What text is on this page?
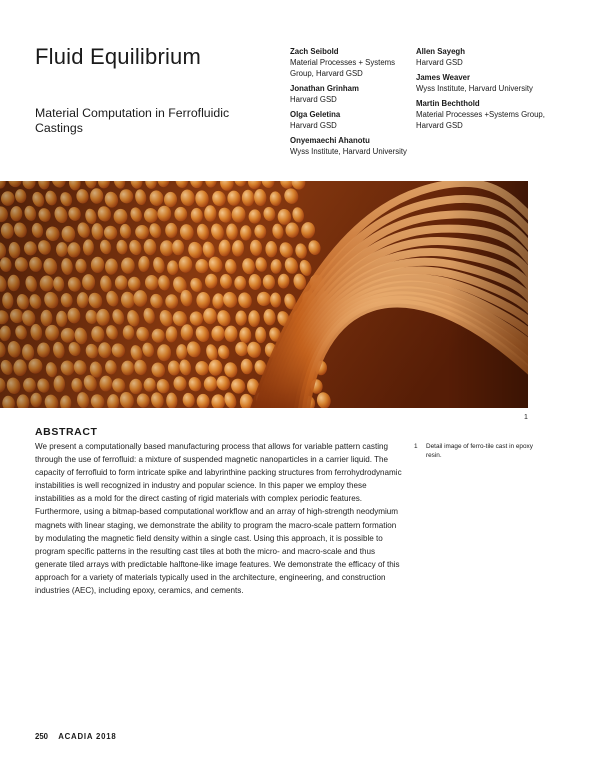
Fluid Equilibrium
Material Computation in Ferrofluidic Castings
Zach Seibold
Material Processes + Systems Group, Harvard GSD
Jonathan Grinham
Harvard GSD
Olga Geletina
Harvard GSD
Onyemaechi Ahanotu
Wyss Institute, Harvard University
Allen Sayegh
Harvard GSD
James Weaver
Wyss Institute, Harvard University
Martin Bechthold
Material Processes +Systems Group, Harvard GSD
1
ABSTRACT

We present a computationally based manufacturing process that allows for variable pattern casting through the use of ferrofluid: a mixture of suspended magnetic nanoparticles in a carrier liquid. The capacity of ferrofluid to form intricate spike and labyrinthine packing structures from ferrohydrodynamic instabilities is well recognized in industry and popular science. In this paper we employ these instabilities as a mold for the direct casting of rigid materials with complex periodic features. Furthermore, using a bitmap-based computational workflow and an array of high-strength neodymium magnets with linear staging, we demonstrate the ability to program the macro-scale pattern formation by modulating the magnetic field density within a single cast. Using this approach, it is possible to program specific patterns in the resulting cast tiles at both the micro- and macro-scale and thus generate tiled arrays with predictable halftone-like image features. We demonstrate the efficacy of this approach for a variety of materials typically used in the architecture, engineering, and construction industries (AEC), including epoxy, ceramics, and cements.

1 Detail image of ferro-tile cast in epoxy resin.
250 ACADIA 2018
